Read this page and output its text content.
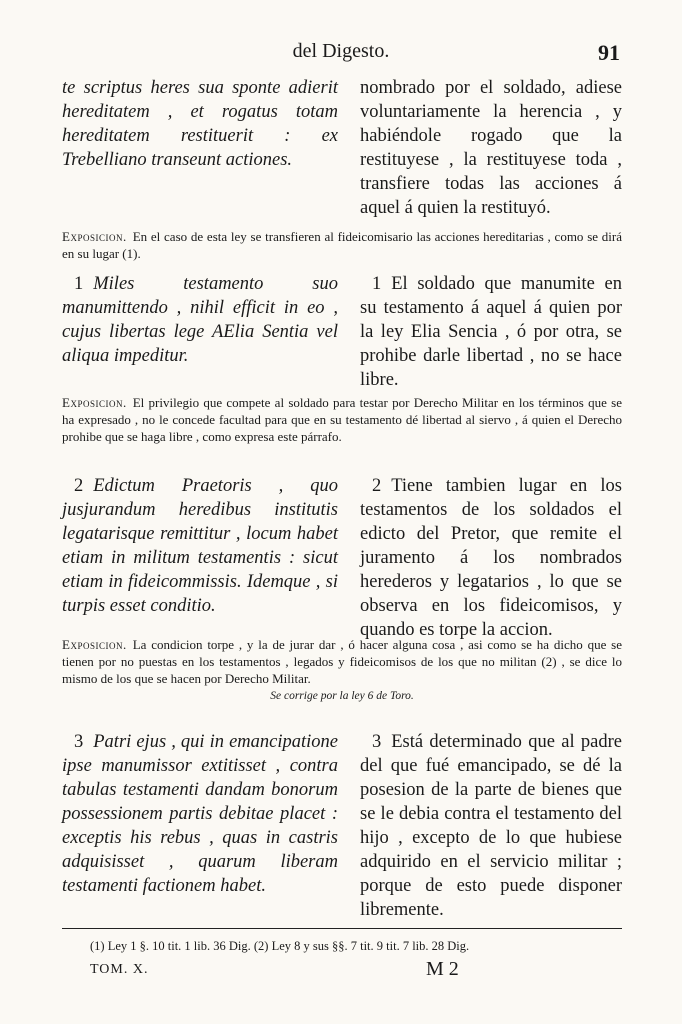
del Digesto.	91

te scriptus heres sua sponte adierit hereditatem , et rogatus totam hereditatem restituerit : ex Trebelliano transeunt actiones.

nombrado por el soldado, adiese voluntariamente la herencia , y habiéndole rogado que la restituyese , la restituyese toda , transfiere todas las acciones á aquel á quien la restituyó.

Exposicion. En el caso de esta ley se transfieren al fideicomisario las acciones hereditarias , como se dirá en su lugar (1).

1 Miles testamento suo manumittendo , nihil efficit in eo , cujus libertas lege AElia Sentia vel aliqua impeditur.

1 El soldado que manumite en su testamento á aquel á quien por la ley Elia Sencia , ó por otra, se prohibe darle libertad , no se hace libre.

Exposicion. El privilegio que compete al soldado para testar por Derecho Militar en los términos que se ha expresado , no le concede facultad para que en su testamento dé libertad al siervo , á quien el Derecho prohibe que se haga libre , como expresa este párrafo.

2 Edictum Praetoris , quo jusjurandum heredibus institutis legatarisque remittitur , locum habet etiam in militum testamentis : sicut etiam in fideicommissis. Idemque , si turpis esset conditio.

2 Tiene tambien lugar en los testamentos de los soldados el edicto del Pretor, que remite el juramento á los nombrados herederos y legatarios , lo que se observa en los fideicomisos, y quando es torpe la accion.

Exposicion. La condicion torpe , y la de jurar dar , ó hacer alguna cosa , asi como se ha dicho que se tienen por no puestas en los testamentos , legados y fideicomisos de los que no militan (2) , se dice lo mismo de los que se hacen por Derecho Militar.

Se corrige por la ley 6 de Toro.

3 Patri ejus , qui in emancipatione ipse manumissor extitisset , contra tabulas testamenti dandam bonorum possessionem partis debitae placet : exceptis his rebus , quas in castris adquisisset , quarum liberam testamenti factionem habet.

3 Está determinado que al padre del que fué emancipado, se dé la posesion de la parte de bienes que se le debia contra el testamento del hijo , excepto de lo que hubiese adquirido en el servicio militar ; porque de esto puede disponer libremente.

(1) Ley 1 §. 10 tit. 1 lib. 36 Dig. (2) Ley 8 y sus §§. 7 tit. 9 tit. 7 lib. 28 Dig.
TOM. X.	M 2
